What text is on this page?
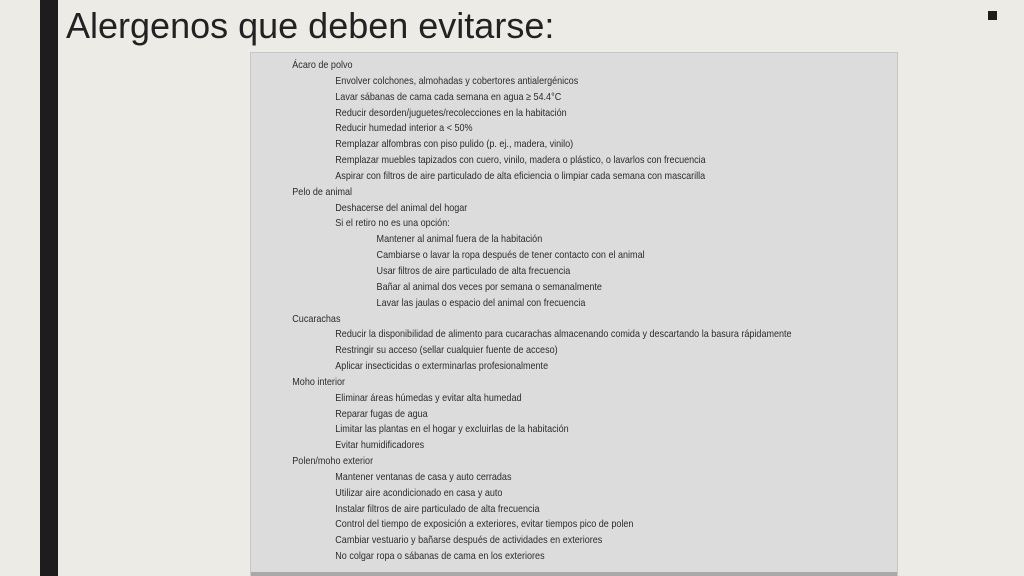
Alergenos que deben evitarse:
Ácaro de polvo
Envolver colchones, almohadas y cobertores antialergénicos
Lavar sábanas de cama cada semana en agua ≥ 54.4°C
Reducir desorden/juguetes/recolecciones en la habitación
Reducir humedad interior a < 50%
Remplazar alfombras con piso pulido (p. ej., madera, vinilo)
Remplazar muebles tapizados con cuero, vinilo, madera o plástico, o lavarlos con frecuencia
Aspirar con filtros de aire particulado de alta eficiencia o limpiar cada semana con mascarilla
Pelo de animal
Deshacerse del animal del hogar
Si el retiro no es una opción:
Mantener al animal fuera de la habitación
Cambiarse o lavar la ropa después de tener contacto con el animal
Usar filtros de aire particulado de alta frecuencia
Bañar al animal dos veces por semana o semanalmente
Lavar las jaulas o espacio del animal con frecuencia
Cucarachas
Reducir la disponibilidad de alimento para cucarachas almacenando comida y descartando la basura rápidamente
Restringir su acceso (sellar cualquier fuente de acceso)
Aplicar insecticidas o exterminarlas profesionalmente
Moho interior
Eliminar áreas húmedas y evitar alta humedad
Reparar fugas de agua
Limitar las plantas en el hogar y excluirlas de la habitación
Evitar humidificadores
Polen/moho exterior
Mantener ventanas de casa y auto cerradas
Utilizar aire acondicionado en casa y auto
Instalar filtros de aire particulado de alta frecuencia
Control del tiempo de exposición a exteriores, evitar tiempos pico de polen
Cambiar vestuario y bañarse después de actividades en exteriores
No colgar ropa o sábanas de cama en los exteriores
